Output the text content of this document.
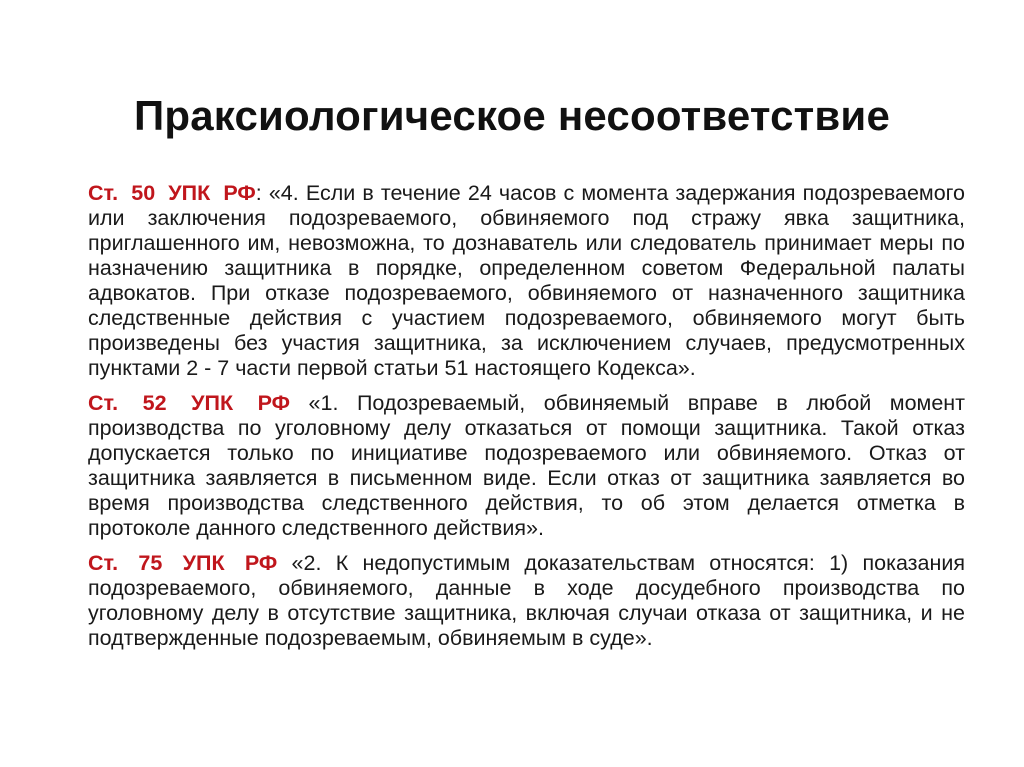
Праксиологическое несоответствие

Ст. 50 УПК РФ: «4. Если в течение 24 часов с момента задержания подозреваемого или заключения подозреваемого, обвиняемого под стражу явка защитника, приглашенного им, невозможна, то дознаватель или следователь принимает меры по назначению защитника в порядке, определенном советом Федеральной палаты адвокатов. При отказе подозреваемого, обвиняемого от назначенного защитника следственные действия с участием подозреваемого, обвиняемого могут быть произведены без участия защитника, за исключением случаев, предусмотренных пунктами 2 - 7 части первой статьи 51 настоящего Кодекса».

Ст. 52 УПК РФ «1. Подозреваемый, обвиняемый вправе в любой момент производства по уголовному делу отказаться от помощи защитника. Такой отказ допускается только по инициативе подозреваемого или обвиняемого. Отказ от защитника заявляется в письменном виде. Если отказ от защитника заявляется во время производства следственного действия, то об этом делается отметка в протоколе данного следственного действия».

Ст. 75 УПК РФ «2. К недопустимым доказательствам относятся: 1) показания подозреваемого, обвиняемого, данные в ходе досудебного производства по уголовному делу в отсутствие защитника, включая случаи отказа от защитника, и не подтвержденные подозреваемым, обвиняемым в суде».
